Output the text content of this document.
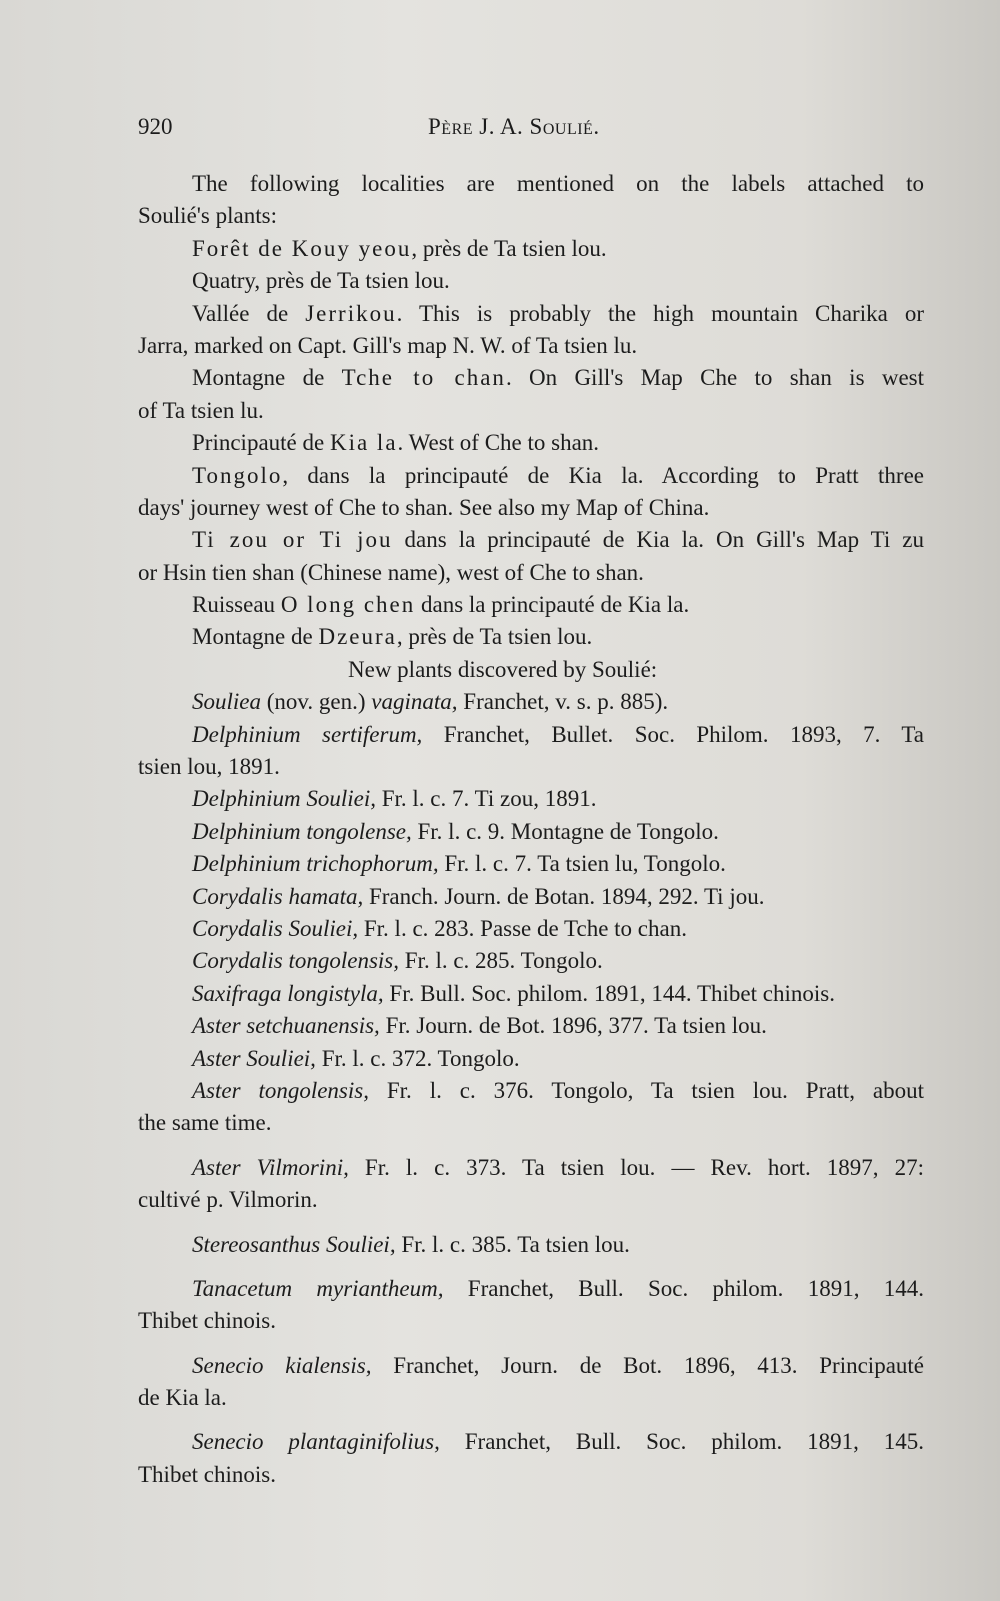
920	Père J. A. Soulié.
The following localities are mentioned on the labels attached to
Soulié's plants:
Forêt de Kouy yeou, près de Ta tsien lou.
Quatry, près de Ta tsien lou.
Vallée de Jerrikou. This is probably the high mountain Charika or
Jarra, marked on Capt. Gill's map N. W. of Ta tsien lu.
Montagne de Tche to chan. On Gill's Map Che to shan is west
of Ta tsien lu.
Principauté de Kia la. West of Che to shan.
Tongolo, dans la principauté de Kia la. According to Pratt three
days' journey west of Che to shan. See also my Map of China.
Ti zou or Ti jou dans la principauté de Kia la. On Gill's Map Ti zu
or Hsin tien shan (Chinese name), west of Che to shan.
Ruisseau O long chen dans la principauté de Kia la.
Montagne de Dzeura, près de Ta tsien lou.
New plants discovered by Soulié:
Souliea (nov. gen.) vaginata, Franchet, v. s. p. 885).
Delphinium sertiferum, Franchet, Bullet. Soc. Philom. 1893, 7. Ta
tsien lou, 1891.
Delphinium Souliei, Fr. l. c. 7. Ti zou, 1891.
Delphinium tongolense, Fr. l. c. 9. Montagne de Tongolo.
Delphinium trichophorum, Fr. l. c. 7. Ta tsien lu, Tongolo.
Corydalis hamata, Franch. Journ. de Botan. 1894, 292. Ti jou.
Corydalis Souliei, Fr. l. c. 283. Passe de Tche to chan.
Corydalis tongolensis, Fr. l. c. 285. Tongolo.
Saxifraga longistyla, Fr. Bull. Soc. philom. 1891, 144. Thibet chinois.
Aster setchuanensis, Fr. Journ. de Bot. 1896, 377. Ta tsien lou.
Aster Souliei, Fr. l. c. 372. Tongolo.
Aster tongolensis, Fr. l. c. 376. Tongolo, Ta tsien lou. Pratt, about
the same time.
Aster Vilmorini, Fr. l. c. 373. Ta tsien lou. — Rev. hort. 1897, 27:
cultivé p. Vilmorin.
Stereosanthus Souliei, Fr. l. c. 385. Ta tsien lou.
Tanacetum myriantheum, Franchet, Bull. Soc. philom. 1891, 144.
Thibet chinois.
Senecio kialensis, Franchet, Journ. de Bot. 1896, 413. Principauté
de Kia la.
Senecio plantaginifolius, Franchet, Bull. Soc. philom. 1891, 145.
Thibet chinois.
